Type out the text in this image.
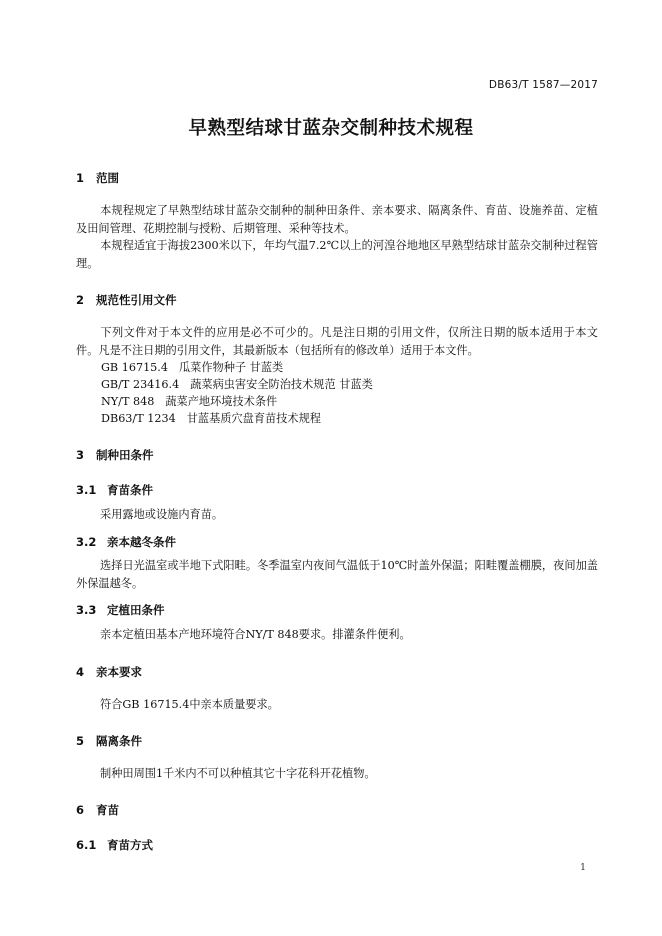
DB63/T 1587—2017
早熟型结球甘蓝杂交制种技术规程
1 范围
本规程规定了早熟型结球甘蓝杂交制种的制种田条件、亲本要求、隔离条件、育苗、设施养苗、定植及田间管理、花期控制与授粉、后期管理、采种等技术。
本规程适宜于海拔2300米以下，年均气温7.2℃以上的河湟谷地地区早熟型结球甘蓝杂交制种过程管理。
2 规范性引用文件
下列文件对于本文件的应用是必不可少的。凡是注日期的引用文件，仅所注日期的版本适用于本文件。凡是不注日期的引用文件，其最新版本（包括所有的修改单）适用于本文件。
GB 16715.4 瓜菜作物种子 甘蓝类
GB/T 23416.4 蔬菜病虫害安全防治技术规范 甘蓝类
NY/T 848 蔬菜产地环境技术条件
DB63/T 1234 甘蓝基质穴盘育苗技术规程
3 制种田条件
3.1 育苗条件
采用露地或设施内育苗。
3.2 亲本越冬条件
选择日光温室或半地下式阳畦。冬季温室内夜间气温低于10℃时盖外保温；阳畦覆盖棚膜，夜间加盖外保温越冬。
3.3 定植田条件
亲本定植田基本产地环境符合NY/T 848要求。排灌条件便利。
4 亲本要求
符合GB 16715.4中亲本质量要求。
5 隔离条件
制种田周围1千米内不可以种植其它十字花科开花植物。
6 育苗
6.1 育苗方式
1
